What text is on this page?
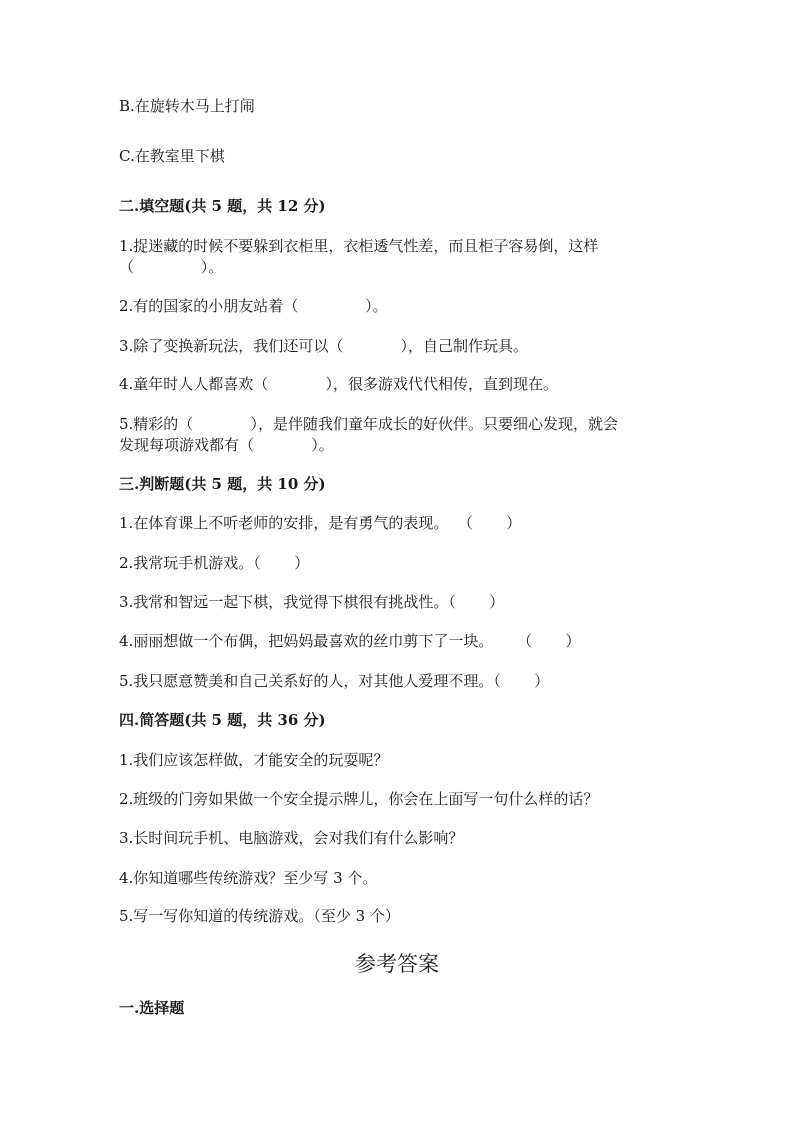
B.在旋转木马上打闹

C.在教室里下棋

二.填空题(共 5 题，共 12 分)

1.捉迷藏的时候不要躲到衣柜里，衣柜透气性差，而且柜子容易倒，这样

（              ）。

2.有的国家的小朋友站着（              ）。

3.除了变换新玩法，我们还可以（            ），自己制作玩具。

4.童年时人人都喜欢（            ），很多游戏代代相传，直到现在。

5.精彩的（            ），是伴随我们童年成长的好伙伴。只要细心发现，就会

发现每项游戏都有（            ）。

三.判断题(共 5 题，共 10 分)

1.在体育课上不听老师的安排，是有勇气的表现。  （       ）

2.我常玩手机游戏。（       ）

3.我常和智远一起下棋，我觉得下棋很有挑战性。（       ）

4.丽丽想做一个布偶，把妈妈最喜欢的丝巾剪下了一块。     （       ）

5.我只愿意赞美和自己关系好的人，对其他人爱理不理。（       ）

四.简答题(共 5 题，共 36 分)

1.我们应该怎样做，才能安全的玩耍呢？

2.班级的门旁如果做一个安全提示牌儿，你会在上面写一句什么样的话？

3.长时间玩手机、电脑游戏，会对我们有什么影响？

4.你知道哪些传统游戏？至少写 3 个。

5.写一写你知道的传统游戏。（至少 3 个）

参考答案

一.选择题
